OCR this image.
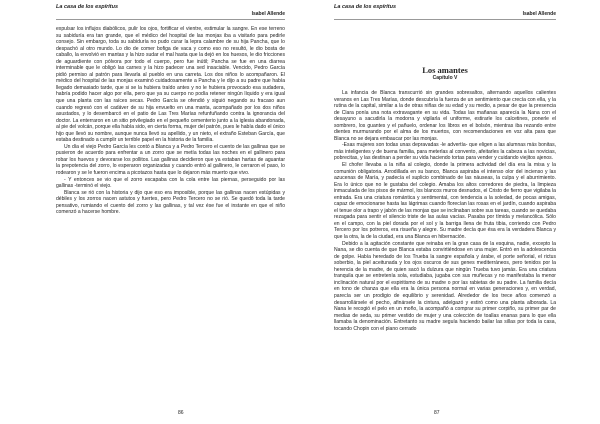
La casa de los espíritus
Isabel Allende

expulsar los influjos diabólicos, pulir los ojos, fortificar el vientre, estimular la sangre. En ese terreno su sabiduría era tan grande, que el médico del hospital de las monjas iba a visitarlo para pedirle consejo. Sin embargo, toda su sabiduría no pudo curar la lepra calambre de su hija Pancha, que lo despachó al otro mundo. Lo dio de comer bofiga de vaca y como eso no resultó, le dio bosta de caballo, la envolvió en mantas y la hizo sudar el mal hasta que la dejó en los huesos, le dio fricciones de aguardiente con pólvora por todo el cuerpo, pero fue inútil; Pancha se fue en una diarrea interminable que le obligó las carnes y la hizo padecer una sed insaciable. Vencido, Pedro García pidió permiso al patrón para llevarla al pueblo en una carreta. Los dos niños lo acompañaron. El médico del hospital de las monjas examinó cuidadosamente a Pancha y le dijo a su padre que había llegado demasiado tarde, que si se la hubiera traído antes y no le hubiera provocado esa sudadera, habría podido hacer algo por ella, pero que ya su cuerpo no podía retener ningún líquido y era igual que una planta con las raíces secas. Pedro García se ofendió y siguió negando su fracaso aun cuando regresó con el cadáver de su hija envuelto en una manta, acompañado por los dos niños asustados, y lo desembarcó en el patio de Las Tres Marías refunfuñando contra la ignorancia del doctor. La enterraron en un sitio privilegiado en el pequeño cementerio junto a la iglesia abandonada, al pie del volcán, porque ella había sido, en cierta forma, mujer del patrón, pues le había dado el único hijo que llevó su nombre, aunque nunca llevó su apellido, y un nieto, el extraño Esteban García, que estaba destinado a cumplir un terrible papel en la historia de la familia.

Un día el viejo Pedro García les contó a Blanca y a Pedro Tercero el cuento de las gallinas que se pusieron de acuerdo para enfrentar a un zorro que se metía todas las noches en el gallinero para robar los huevos y devorarse los pollitos. Las gallinas decidieron que ya estaban hartas de aguantar la prepotencia del zorro, lo esperaron organizadas y cuando entró al gallinero, le cerraron el paso, lo rodearon y se le fueron encima a picotazos hasta que lo dejaron más muerto que vivo.

- Y entonces se vio que el zorro escapaba con la cola entre las piernas, perseguido por las gallinas -terminó el viejo.

Blanca se rió con la historia y dijo que eso era imposible, porque las gallinas nacen estúpidas y débiles y los zorros nacen astutos y fuertes, pero Pedro Tercero no se rió. Se quedó toda la tarde pensativo, rumiando el cuento del zorro y las gallinas, y tal vez ése fue el instante en que el niño comenzó a hacerse hombre.

86
La casa de los espíritus
Isabel Allende
Los amantes
Capítulo V

La infancia de Blanca transcurrió sin grandes sobresaltos, alternando aquellos calientes veranos en Las Tres Marías, donde descubría la fuerza de un sentimiento que crecía con ella, y la rutina de la capital, similar a la de otras niñas de su edad y su medio, a pesar de que la presencia de Clara ponía una nota extravagante en su vida. Todas las mañanas aparecía la Nana con el desayuno a sacudirla la modorra y vigilarla el uniforme, estirarle los calcetines, ponerle el sombrero, los guantes y el pañuelo, ordenar los libros en el bolsón, mientras iba rezando entre dientes murmurando por el alma de los muertos, con recomendaciones en voz alta para que Blanca no se dejara embaucar por las monjas.

-Esas mujeres son todas unas depravadas -le advertía- que eligen a las alumnas más bonitas, más inteligentes y de buena familia, para meterlas al convento, afeitarles la cabeza a las novicias, pobrecitas, y las destinan a perder su vida haciendo tortas para vender y cuidando viejitos ajenos.

El chofer llevaba a la niña al colegio, donde la primera actividad del día era la misa y la comunión obligatoria. Arrodillada en su banco, Blanca aspiraba el intenso olor del incienso y las azucenas de María, y padecía el suplicio combinado de las náuseas, la culpa y el aburrimiento. Era lo único que no le gustaba del colegio. Amaba los altos corredores de piedra, la limpieza inmaculada de los pisos de mármol, los blancos muros desnudos, el Cristo de fierro que vigilaba la entrada. Era una criatura romántica y sentimental, con tendencia a la soledad, de pocas amigas, capaz de emocionarse hasta las lágrimas cuando florecían las rosas en el jardín, cuando aspiraba el tenue olor a trapo y jabón de las monjas que se inclinaban sobre sus tareas, cuando se quedaba rezagada para sentir el silencio triste de las aulas vacías. Pasaba por tímida y melancólica. Sólo en el campo, con la piel dorada por el sol y la barriga llena de fruta tibia, corriendo con Pedro Tercero por los potreros, era risueña y alegre. Su madre decía que ésa era la verdadera Blanca y que la otra, la de la ciudad, era una Blanca en hibernación.

Debido a la agitación constante que reinaba en la gran casa de la esquina, nadie, excepto la Nana, se dio cuenta de que Blanca estaba convirtiéndose en una mujer. Entró en la adolescencia de golpe. Había heredado de los Trueba la sangre española y árabe, el porte señorial, el rictus soberbio, la piel aceitunada y los ojos oscuros de sus genes mediterráneos, pero tenidos por la herencia de la madre, de quien sacó la dulzura que ningún Trueba tuvo jamás. Era una criatura tranquila que se entretenía sola, estudiaba, jugaba con sus muñecas y no manifestaba la menor inclinación natural por el espiritismo de su madre o por las rabietas de su padre. La familia decía en tono de chanza que ella era la única persona normal en varias generaciones y, en verdad, parecía ser un prodigio de equilibrio y serenidad. Alrededor de los trece años comenzó a desarrollársele el pecho, afinársele la cintura, adelgazó y estiró como una planta alborada. La Nana le recogió el pelo en un moño, la acompañó a comprar su primer corpiño, su primer par de medias de seda, su primer vestido de mujer y una colección de toallas enanas para lo que ella llamaba la denominación. Entretanto su madre seguía haciendo bailar las sillas por toda la casa, tocando Chopin con el piano cerrado

87
